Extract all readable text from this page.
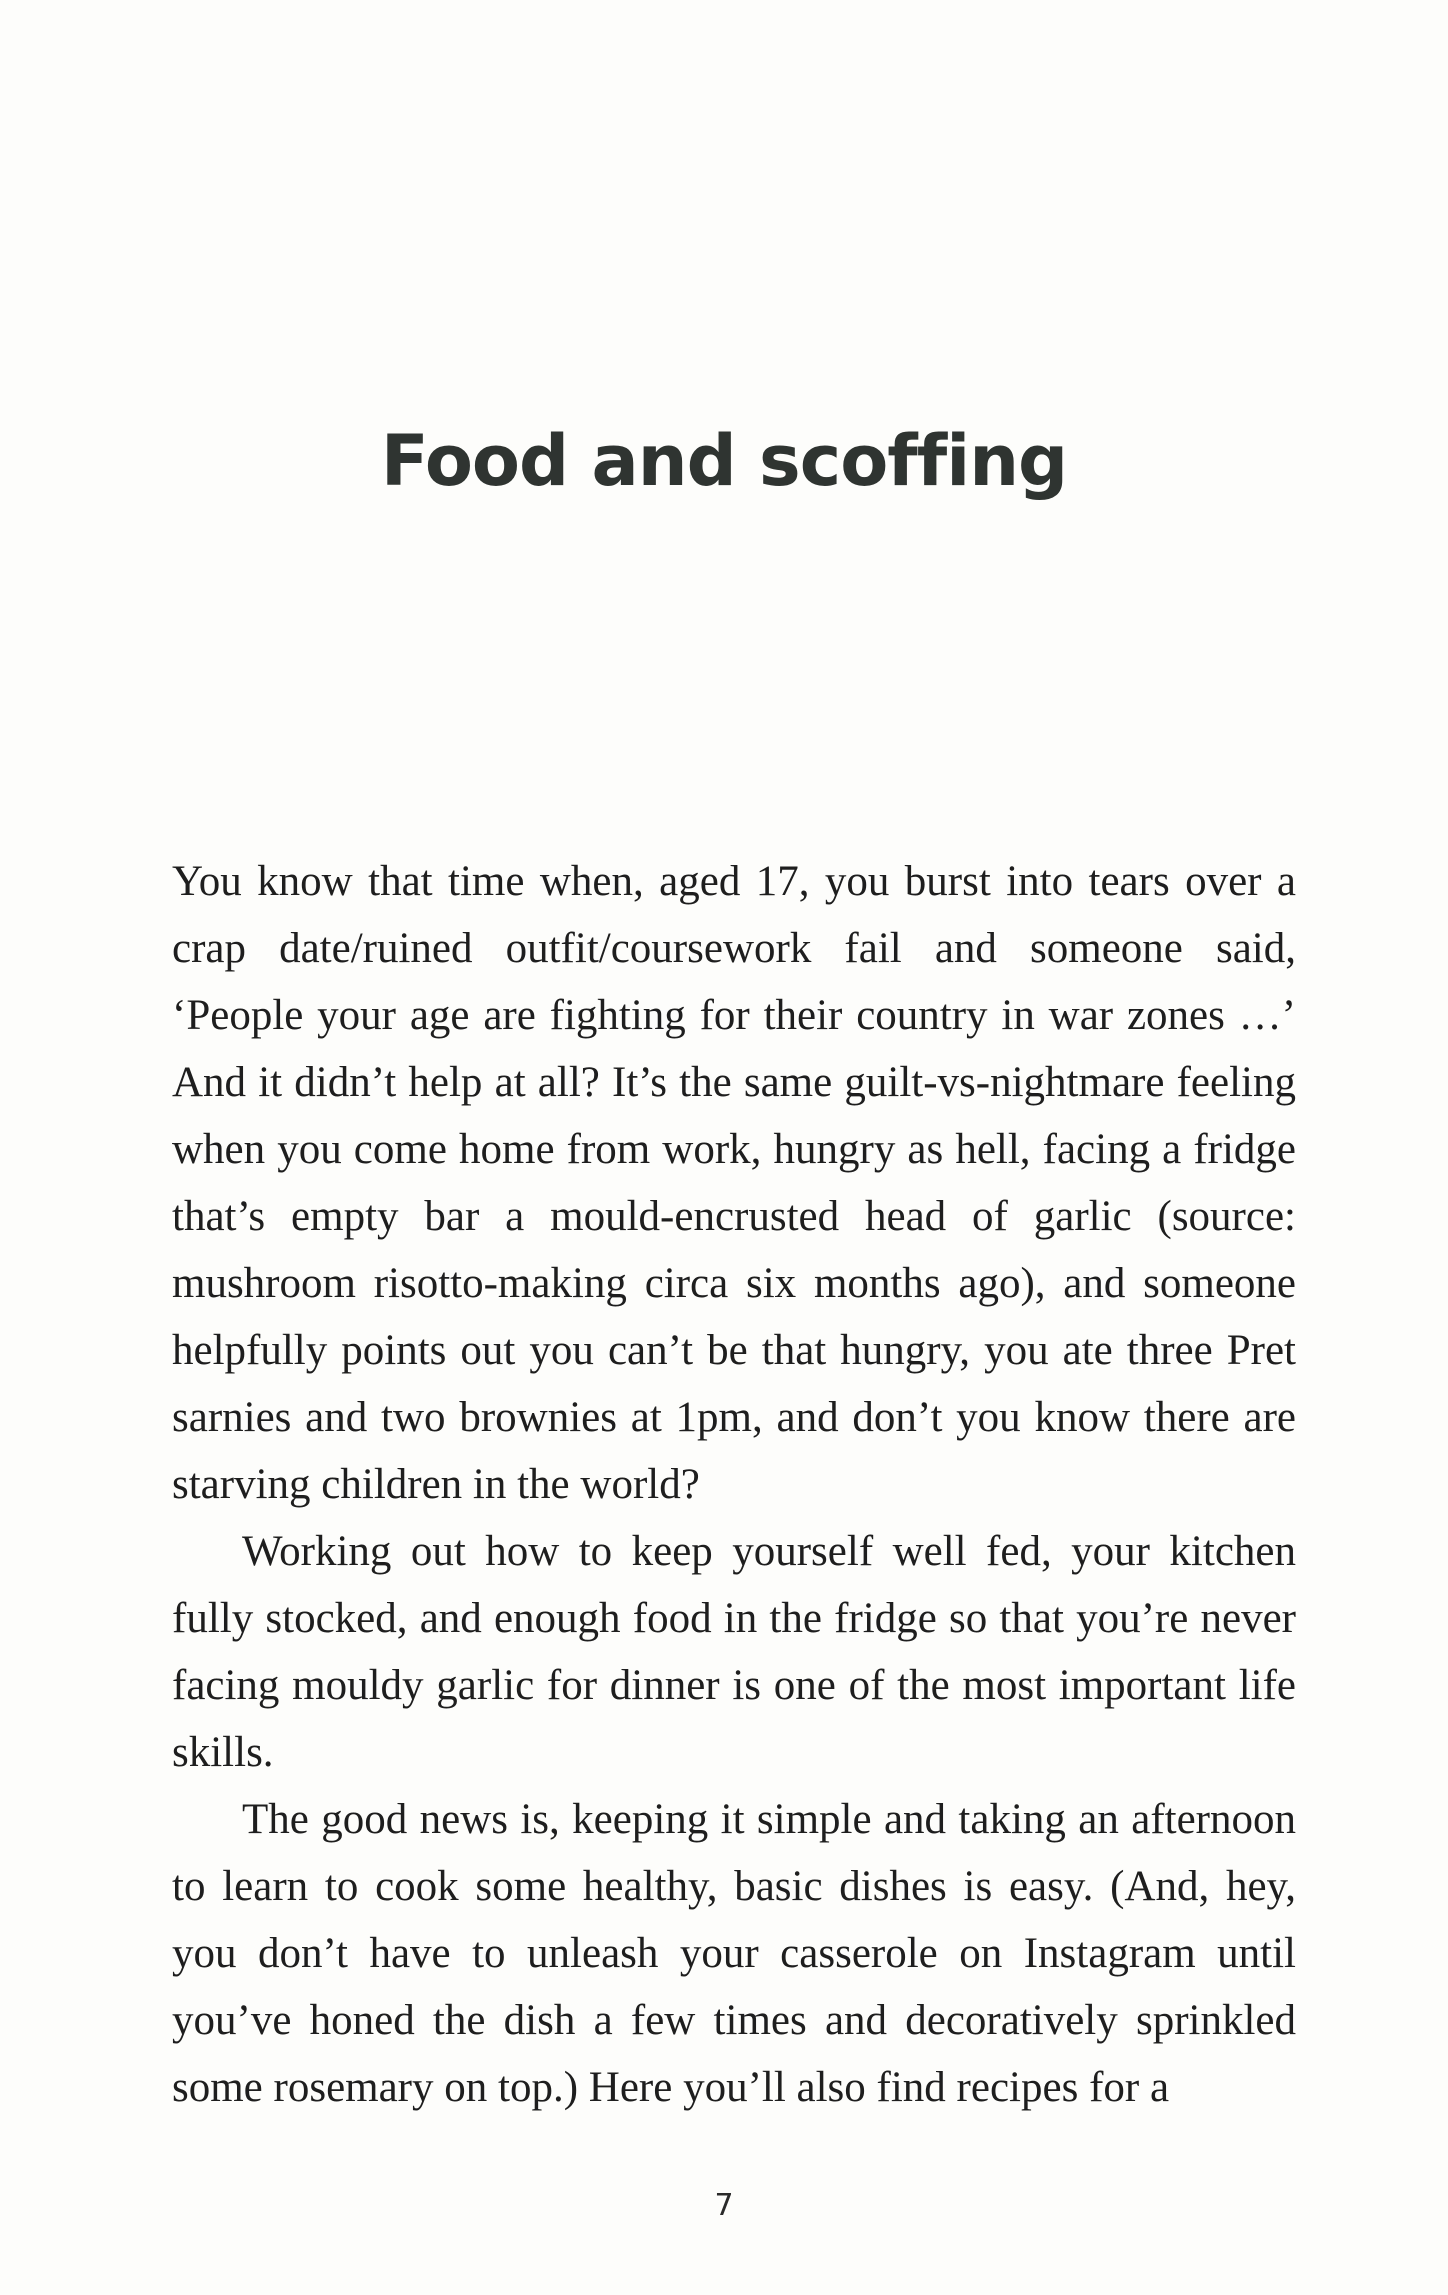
Food and scoffing

You know that time when, aged 17, you burst into tears over a crap date/ruined outfit/coursework fail and someone said, ‘People your age are fighting for their country in war zones …’ And it didn’t help at all? It’s the same guilt-vs-nightmare feeling when you come home from work, hungry as hell, facing a fridge that’s empty bar a mould-encrusted head of garlic (source: mushroom risotto-making circa six months ago), and someone helpfully points out you can’t be that hungry, you ate three Pret sarnies and two brownies at 1pm, and don’t you know there are starving children in the world?

Working out how to keep yourself well fed, your kitchen fully stocked, and enough food in the fridge so that you’re never facing mouldy garlic for dinner is one of the most important life skills.

The good news is, keeping it simple and taking an afternoon to learn to cook some healthy, basic dishes is easy. (And, hey, you don’t have to unleash your casserole on Instagram until you’ve honed the dish a few times and decoratively sprinkled some rosemary on top.) Here you’ll also find recipes for a

7
